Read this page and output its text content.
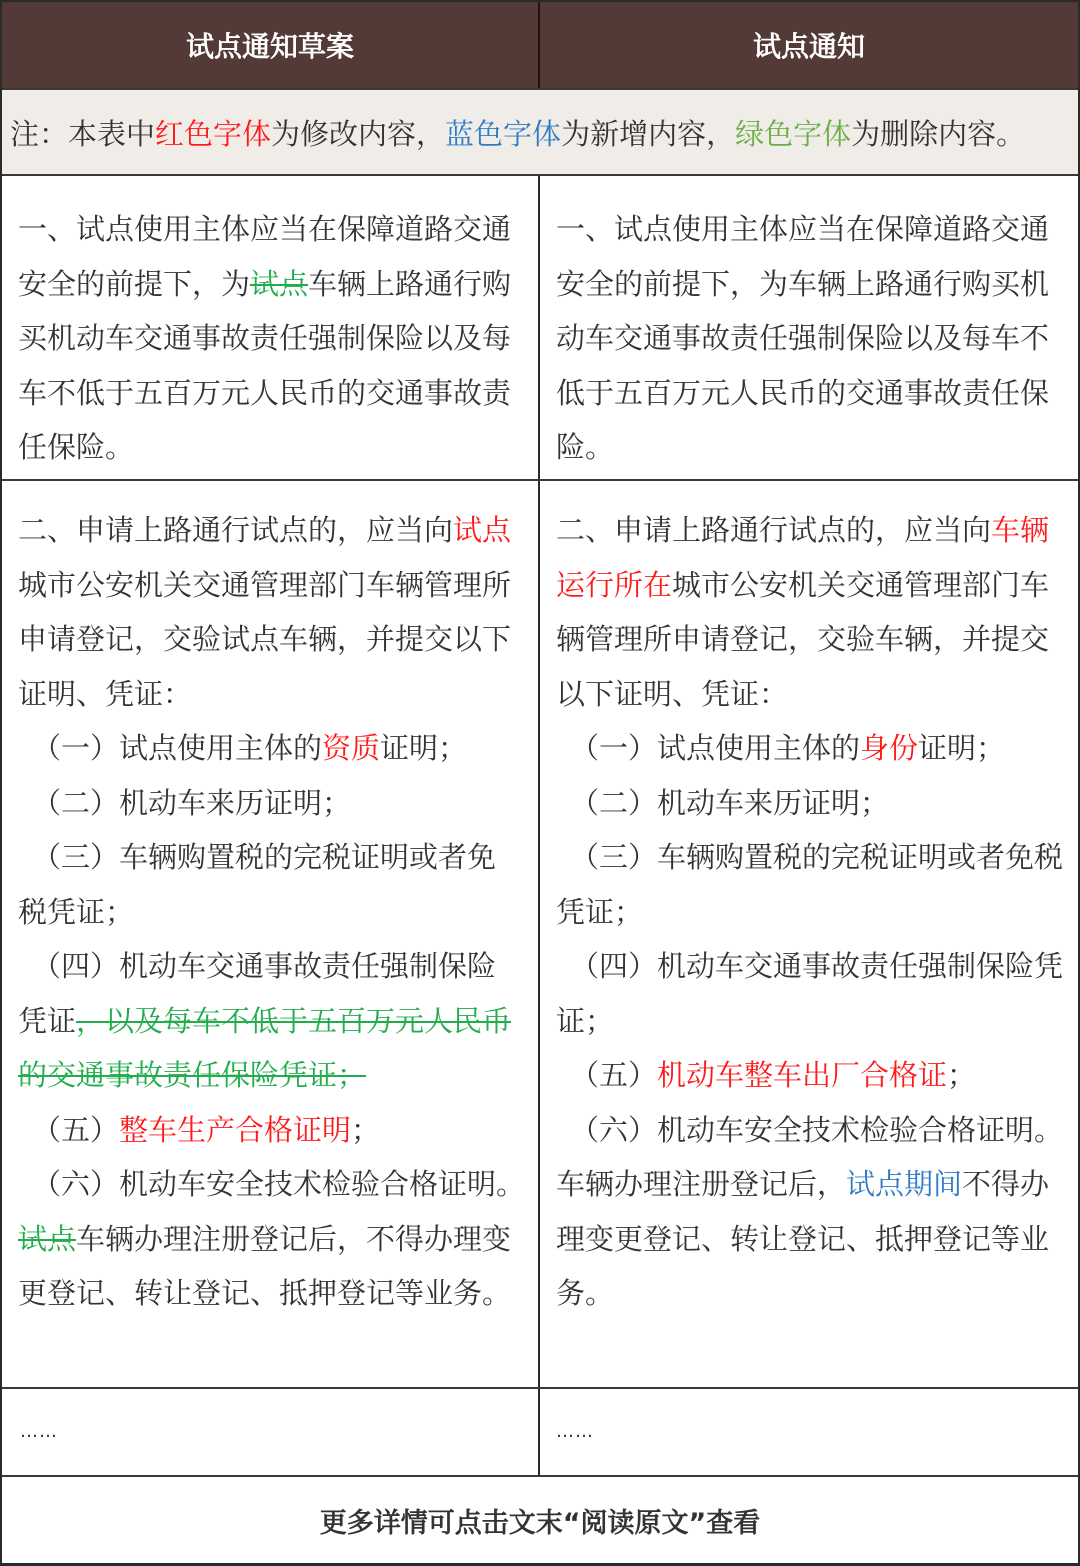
试点通知草案	试点通知
注：本表中 红色字体 为修改内容， 蓝色字体 为新增内容， 绿色字体 为删除内容。
一、试点使用主体应当在保障道路交通安全的前提下，为试点车辆上路通行购买机动车交通事故责任强制保险以及每车不低于五百万元人民币的交通事故责任保险。
一、试点使用主体应当在保障道路交通安全的前提下，为车辆上路通行购买机动车交通事故责任强制保险以及每车不低于五百万元人民币的交通事故责任保险。

二、申请上路通行试点的，应当向试点城市公安机关交通管理部门车辆管理所申请登记，交验试点车辆，并提交以下证明、凭证：

（一）试点使用主体的资质证明；

（二）机动车来历证明；

（三）车辆购置税的完税证明或者免税凭证；

（四）机动车交通事故责任强制保险凭证，以及每车不低于五百万元人民币的交通事故责任保险凭证；

（五）整车生产合格证明；

（六）机动车安全技术检验合格证明。

试点车辆办理注册登记后，不得办理变更登记、转让登记、抵押登记等业务。

二、申请上路通行试点的，应当向车辆运行所在城市公安机关交通管理部门车辆管理所申请登记，交验车辆，并提交以下证明、凭证：

（一）试点使用主体的身份证明；

（二）机动车来历证明；

（三）车辆购置税的完税证明或者免税凭证；

（四）机动车交通事故责任强制保险凭证；

（五）机动车整车出厂合格证；

（六）机动车安全技术检验合格证明。

车辆办理注册登记后，试点期间不得办理变更登记、转让登记、抵押登记等业务。

……	……
更多详情可点击文末“阅读原文”查看
